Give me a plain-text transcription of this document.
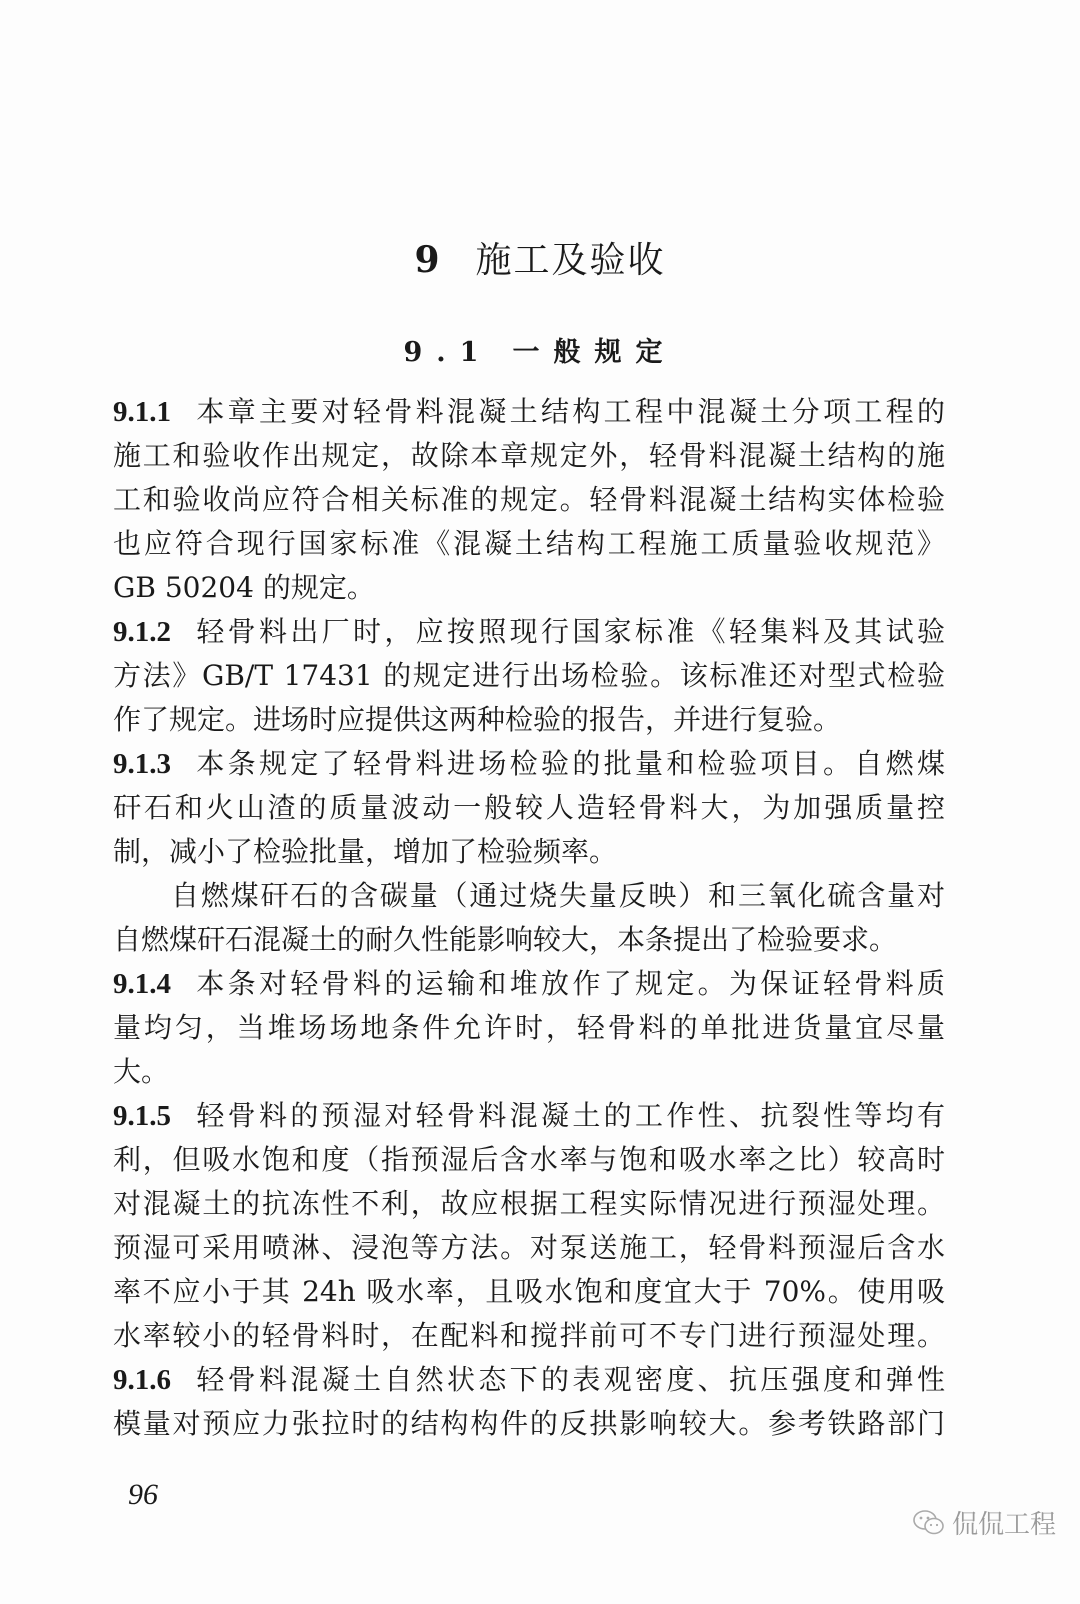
9 施工及验收
9.1 一般规定
9.1.1 本章主要对轻骨料混凝土结构工程中混凝土分项工程的
施工和验收作出规定，故除本章规定外，轻骨料混凝土结构的施
工和验收尚应符合相关标准的规定。轻骨料混凝土结构实体检验
也应符合现行国家标准《混凝土结构工程施工质量验收规范》
GB 50204 的规定。
9.1.2 轻骨料出厂时，应按照现行国家标准《轻集料及其试验
方法》GB/T 17431 的规定进行出场检验。该标准还对型式检验
作了规定。进场时应提供这两种检验的报告，并进行复验。
9.1.3 本条规定了轻骨料进场检验的批量和检验项目。自燃煤
矸石和火山渣的质量波动一般较人造轻骨料大，为加强质量控
制，减小了检验批量，增加了检验频率。
自燃煤矸石的含碳量（通过烧失量反映）和三氧化硫含量对
自燃煤矸石混凝土的耐久性能影响较大，本条提出了检验要求。
9.1.4 本条对轻骨料的运输和堆放作了规定。为保证轻骨料质
量均匀，当堆场场地条件允许时，轻骨料的单批进货量宜尽量
大。
9.1.5 轻骨料的预湿对轻骨料混凝土的工作性、抗裂性等均有
利，但吸水饱和度（指预湿后含水率与饱和吸水率之比）较高时
对混凝土的抗冻性不利，故应根据工程实际情况进行预湿处理。
预湿可采用喷淋、浸泡等方法。对泵送施工，轻骨料预湿后含水
率不应小于其 24h 吸水率，且吸水饱和度宜大于 70%。使用吸
水率较小的轻骨料时，在配料和搅拌前可不专门进行预湿处理。
9.1.6 轻骨料混凝土自然状态下的表观密度、抗压强度和弹性
模量对预应力张拉时的结构构件的反拱影响较大。参考铁路部门
96
侃侃工程
